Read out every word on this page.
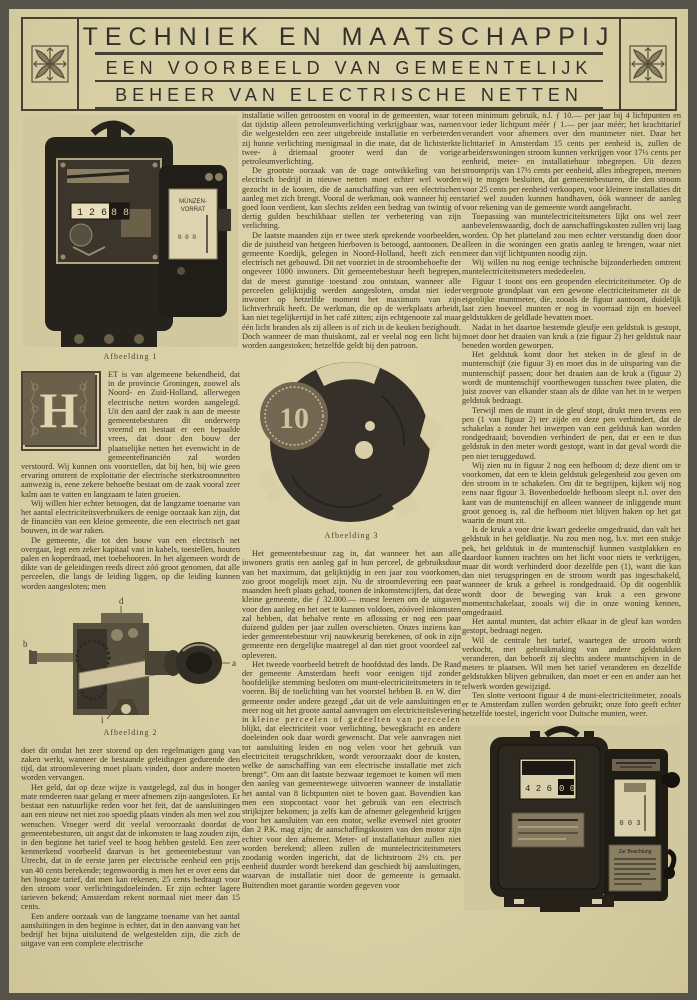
TECHNIEK EN MAATSCHAPPIJ
EEN VOORBEELD VAN GEMEENTELIJK
BEHEER VAN ELECTRISCHE NETTEN
1 2 6 8 8
MÜNZEN-
VORRAT
0 0 0
Afbeelding 1

H
ET is van algemeene bekendheid, dat in de provincie Groningen, zoowel als Noord- en Zuid-Holland, allerwegen electrische netten worden aangelegd. Uit den aard der zaak is aan de meeste gemeentebesturen dit onderwerp vreemd en bestaat er een bepaalde vrees, dat door den bouw der plaatselijke netten het evenwicht in de gemeentefinanciën zal worden verstoord. Wij kunnen ons voorstellen, dat bij hen, bij wie geen ervaring omtrent de exploitatie der electrische sterkstroomnetten aanwezig is, eene zekere behoefte bestaat om de zaak vooral zeer kalm aan te vatten en langzaam te laten groeien.

Wij willen hier echter betoogen, dat de langzame toename van het aantal electriciteitsverbruikers de eenige oorzaak kan zijn, dat de financiën van een kleine gemeente, die een electrisch net gaat bouwen, in de war raken.

De gemeente, die tot den bouw van een electrisch net overgaat, legt een zeker kapitaal vast in kabels, toestellen, houten palen en koperdraad, met toebehooren. In het algemeen wordt de dikte van de geleidingen reeds direct zóó groot genomen, dat alle perceelen, die langs de leiding liggen, op die leiding kunnen worden aangesloten; men

d
b
a
i
Afbeelding 2

doet dit omdat het zeer storend op den regelmatigen gang van zaken werkt, wanneer de bestaande geleidingen gedurende den tijd, dat stroomlevering moet plaats vinden, door andere moeten worden vervangen.

Het geld, dat op deze wijze is vastgelegd, zal dus in hooger mate rendeeren naar gelang er meer afnemers zijn aangesloten. Er bestaat een natuurlijke reden voor het feit, dat de aansluitingen aan een nieuw net niet zoo spoedig plaats vinden als men wel zou wenschen. Vroeger werd dit veelal veroorzaakt doordat de gemeentebesturen, uit angst dat de inkomsten te laag zouden zijn, in den beginne het tarief veel te hoog hebben gesteld. Een zeer kenmerkend voorbeeld daarvan is het gemeentebestuur van Utrecht, dat in de eerste jaren per electrische eenheid een prijs van 40 cents berekende; tegenwoordig is men het er over eens dat het hoogste tarief, dat men kan rekenen, 25 cents bedraagt voor den stroom voor verlichtingsdoeleinden. Er zijn echter lagere tarieven bekend; Amsterdam rekent normaal niet meer dan 15 cents.

Een andere oorzaak van de langzame toename van het aantal aansluitingen in den beginne is echter, dat in den aanvang van het bedrijf het bijna uitsluitend de welgestelden zijn, die zich de uitgave van een complete electrische

installatie willen getroosten en vooral in de gemeenten, waar tot dat tijdstip alleen petroleumverlichting verkrijgbaar was, namen die welgestelden een zeer uitgebreide installatie en verbeterden zij hunne verlichting menigmaal in die mate, dat de lichtsterkte twee- à driemaal grooter werd dan de vorige petroleumverlichting.

De grootste oorzaak van de trage ontwikkeling van het electrisch bedrijf in nieuwe netten moet echter wel worden gezocht in de kosten, die de aanschaffing van een electrischen aanleg met zich brengt. Vooral de werkman, ook wanneer hij een goed loon verdient, kan slechts zelden een bedrag van twintig of dertig gulden beschikbaar stellen ter verbetering van zijn verlichting.

De laatste maanden zijn er twee sterk sprekende voorbeelden, die de juistheid van hetgeen hierboven is betoogd, aantoonen. De gemeente Koedijk, gelegen in Noord-Holland, heeft zich een electrisch net gebouwd. Dit net voorziet in de stroombehoefte der ongeveer 1000 inwoners. Dit gemeentebestuur heeft begrepen, dat de meest gunstige toestand zou ontstaan, wanneer alle perceelen gelijktijdig werden aangesloten, omdat niet ieder inwoner op hetzelfde moment het maximum van zijn lichtverbruik heeft. De werkman, die op de werkplaats arbeidt, kan niet tegelijkertijd in het café zitten; zijn echtgenoote zal maar één licht branden als zij alleen is of zich in de keuken bezighoudt. Doch wanneer de man thuiskomt, zal er veelal nog een licht bij worden aangestoken; hetzelfde geldt bij den patroon.

10
Afbeelding 3

Het gemeentebestuur zag in, dat wanneer het aan alle inwoners gratis een aanleg gaf in hun perceel, de gebruiksduur van het maximum, dat gelijktijdig in een jaar zou voorkomen, zoo groot mogelijk moet zijn. Nu de stroomlevering een paar maanden heeft plaats gehad, toonen de inkomstencijfers, dat deze kleine gemeente, die ƒ 32.000.— moest leenen om de uitgaven voor den aanleg en het net te kunnen voldoen, zóóveel inkomsten zal hebben, dat behalve rente en aflossing er nog een paar duizend gulden per jaar zullen overschieten. Onzes inziens kan ieder gemeentebestuur vrij nauwkeurig berekenen, of ook in zijn gemeente een dergelijke maatregel al dan niet groot voordeel zal opleveren.

Het tweede voorbeeld betreft de hoofdstad des lands. De Raad der gemeente Amsterdam heeft voor eenigen tijd zonder hoofdelijke stemming besloten om munt-electriciteitsmeters in te voeren. Bij de toelichting van het voorstel hebben B. en W. dier gemeente onder andere gezegd „dat uit de vele aansluitingen en meer nog uit het groote aantal aanvragen om electriciteitslevering in kleine perceelen of gedeelten van perceelen blijkt, dat electriciteit voor verlichting, bewegkracht en andere doeleinden ook daar wordt gewenscht. Dat vele aanvragen niet tot aansluiting leiden en nog velen voor het gebruik van electriciteit terugschrikken, wordt veroorzaakt door de kosten, welke de aanschaffing van een electrische installatie met zich brengt”. Om aan dit laatste bezwaar tegemoet te komen wil men den aanleg van gemeentewege uitvoeren wanneer de installatie het aantal van 8 lichtpunten niet te boven gaat. Bovendien kan men een stopcontact voor het gebruik van een electrisch strijkijzer bekomen; ja zelfs kan de afnemer gelegenheid krijgen voor het aansluiten van een motor, welke evenwel niet grooter dan 2 P.K. mag zijn; de aanschaffingskosten van den motor zijn echter voor den afnemer. Meter- of installatiehuur zullen niet worden berekend; alleen zullen de muntelectriciteitsmeters zoodanig worden ingericht, dat de lichtstroom 2½ cts. per eenheid duurder wordt berekend dan geschiedt bij aansluitingen, waarvan de installatie niet door de gemeente is gemaakt. Buitendien moet garantie worden gegeven voor

een minimum gebruik, n.l. ƒ 10.— per jaar bij 4 lichtpunten en voor ieder lichtpunt méér ƒ 1.— per jaar méér; het krachttarief verandert voor afnemers over den muntmeter niet. Daar het lichttarief in Amsterdam 15 cents per eenheid is, zullen de arbeiderswoningen stroom kunnen verkrijgen voor 17½ cents per eenheid, meter- en installatiehuur inbegrepen. Uit dezen stroomprijs van 17½ cents per eenheid, alles inbegrepen, meenen wij te mogen besluiten, dat gemeentebesturen, die den stroom voor 25 cents per eenheid verkoopen, voor kleinere installaties dit tarief wel zouden kunnen handhaven, óók wanneer de aanleg voor rekening van de gemeente wordt aangebracht.

Toepassing van muntelectriciteitsmeters lijkt ons wel zeer aanbevelenswaardig, doch de aanschaffingskosten zullen vrij laag worden. Op het platteland zou men echter verstandig doen door alleen in die woningen een gratis aanleg te brengen, waar niet meer dan vijf lichtpunten noodig zijn.

Wij willen nu nog eenige technische bijzonderheden omtrent muntelectriciteitsmeters mededeelen.

Figuur 1 toont ons een geopenden electriciteitsmeter. Op de vergroote grondplaat van een gewone electriciteitsmeter zit de eigenlijke muntmeter, die, zooals de figuur aantoont, duidelijk laat zien hoeveel munten er nog in voorraad zijn en hoeveel geldstukken de geldlade bevatten moet.

Nadat in het daartoe bestemde gleufje een geldstuk is gestopt, moet door het draaien van kruk a (zie figuur 2) het geldstuk naar beneden worden geworpen.

Het geldstuk komt door het steken in de gleuf in de muntenschijf (zie figuur 3) en moet dus in de uitsparing van die muntenschijf passen; door het draaien aan de kruk a (figuur 2) wordt de muntenschijf voortbewogen tusschen twee platen, die juist zoover van elkander staan als de dikte van het in te werpen geldstuk bedraagt.

Terwijl men de munt in de gleuf stopt, drukt men tevens een pen (1 van figuur 2) ter zijde en deze pen verhindert, dat de schakelas a zonder het inwerpen van een geldstuk kan worden rondgedraaid; bovendien verhindert de pen, dat er een te dun geldstuk in den meter wordt gestopt, want in dat geval wordt die pen niet teruggeduwd.

Wij zien nu in figuur 2 nog een hefboom d; deze dient om te voorkomen, dat een te klein geldstuk gelegenheid zou geven om den stroom in te schakelen. Om dit te begrijpen, kijken wij nog eens naar figuur 3. Bovenbedoelde hefboom sleept n.l. over den kant van de muntenschijf en alleen wanneer de inliggende munt groot genoeg is, zal die hefboom niet blijven haken op het gat waarin de munt zit.

Is de kruk a voor drie kwart gedeelte omgedraaid, dan valt het geldstuk in het geldlaatje. Nu zou men nog, b.v. met een stukje pek, het geldstuk in de muntenschijf kunnen vastplakken en daardoor kunnen trachten om het licht voor niets te verkrijgen, maar dit wordt verhinderd door dezelfde pen (1), want die kan dan niet terugspringen en de stroom wordt pas ingeschakeld, wanneer de kruk a geheel is rondgedraaid. Op dit oogenblik wordt door de beweging van kruk a een gewone momentschakelaar, zooals wij die in onze woning kennen, omgedraaid.

Het aantal munten, dat achter elkaar in de gleuf kan worden gestopt, bedraagt negen.

Wil de centrale het tarief, waartegen de stroom wordt verkocht, met gebruikmaking van andere geldstukken veranderen, dan behoeft zij slechts andere muntschijven in de meters te plaatsen. Wil men het tarief veranderen en dezelfde geldstukken blijven gebruiken, dan moet er een en ander aan het telwerk worden gewijzigd.

Ten slotte vertoont figuur 4 de munt-electriciteitmeter, zooals er te Amsterdam zullen worden gebruikt; onze foto geeft echter hetzelfde toestel, ingericht voor Duitsche munten, weer.

4 2 6 0 0
0 0 3
Zur Beachtung
